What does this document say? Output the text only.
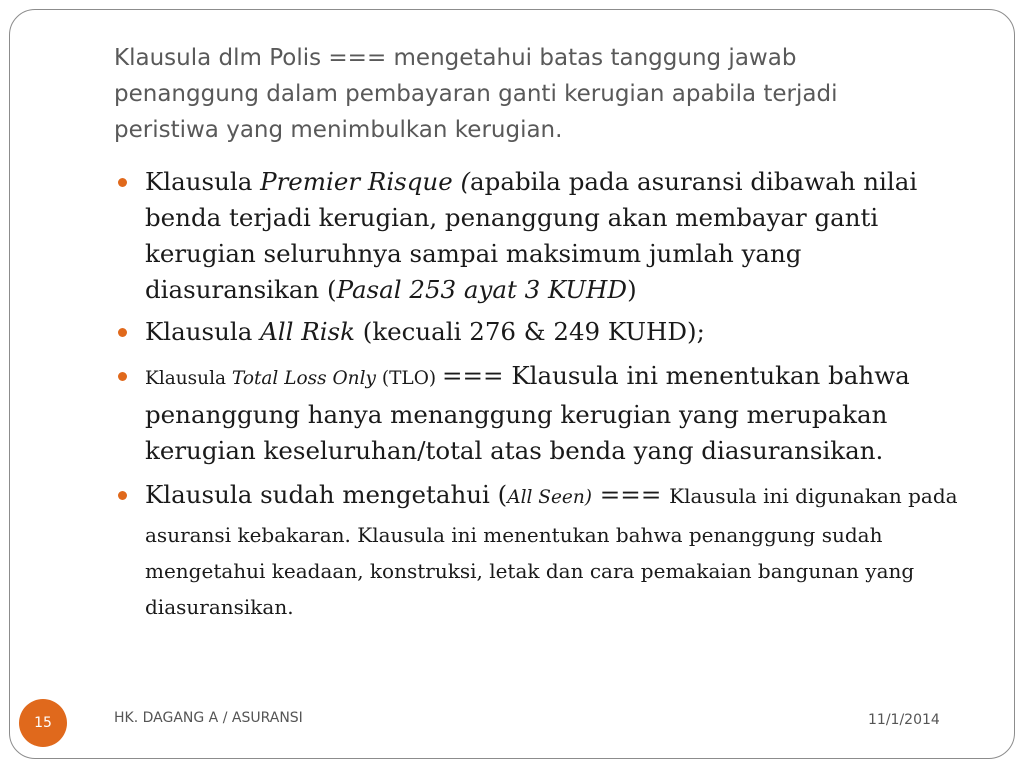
Klausula dlm Polis === mengetahui batas tanggung jawab
penanggung dalam pembayaran ganti kerugian apabila terjadi
peristiwa yang menimbulkan kerugian.

Klausula Premier Risque (apabila pada asuransi dibawah nilai benda terjadi kerugian, penanggung akan membayar ganti kerugian seluruhnya sampai maksimum jumlah yang diasuransikan (Pasal 253 ayat 3 KUHD)

Klausula All Risk (kecuali 276 & 249 KUHD);

Klausula Total Loss Only (TLO) === Klausula ini menentukan bahwa penanggung hanya menanggung kerugian yang merupakan kerugian keseluruhan/total atas benda yang diasuransikan.

Klausula sudah mengetahui (All Seen) === Klausula ini digunakan pada asuransi kebakaran. Klausula ini menentukan bahwa penanggung sudah mengetahui keadaan, konstruksi, letak dan cara pemakaian bangunan yang diasuransikan.

15	HK. DAGANG A / ASURANSI	11/1/2014
